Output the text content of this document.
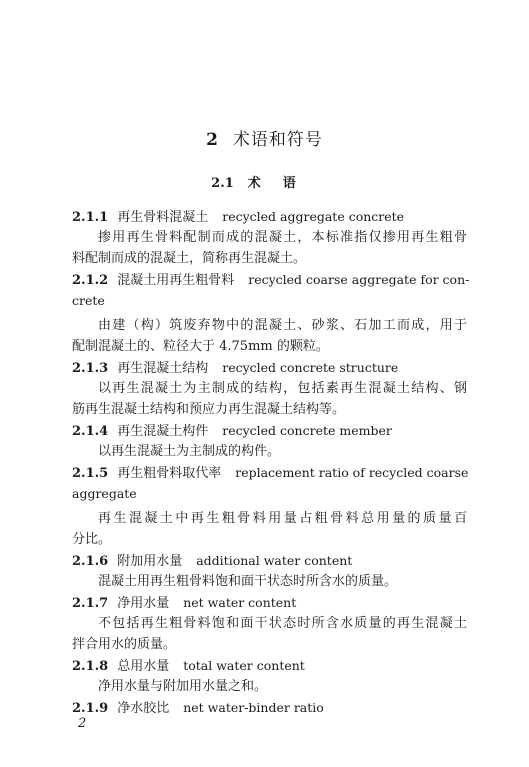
2 术语和符号
2.1 术语
2.1.1 再生骨料混凝土 recycled aggregate concrete
掺用再生骨料配制而成的混凝土，本标准指仅掺用再生粗骨
料配制而成的混凝土，简称再生混凝土。
2.1.2 混凝土用再生粗骨料 recycled coarse aggregate for con-
crete
由建（构）筑废弃物中的混凝土、砂浆、石加工而成，用于
配制混凝土的、粒径大于 4.75mm 的颗粒。
2.1.3 再生混凝土结构 recycled concrete structure
以再生混凝土为主制成的结构，包括素再生混凝土结构、钢
筋再生混凝土结构和预应力再生混凝土结构等。
2.1.4 再生混凝土构件 recycled concrete member
以再生混凝土为主制成的构件。
2.1.5 再生粗骨料取代率 replacement ratio of recycled coarse
aggregate
再生混凝土中再生粗骨料用量占粗骨料总用量的质量百
分比。
2.1.6 附加用水量 additional water content
混凝土用再生粗骨料饱和面干状态时所含水的质量。
2.1.7 净用水量 net water content
不包括再生粗骨料饱和面干状态时所含水质量的再生混凝土
拌合用水的质量。
2.1.8 总用水量 total water content
净用水量与附加用水量之和。
2.1.9 净水胶比 net water-binder ratio
2
